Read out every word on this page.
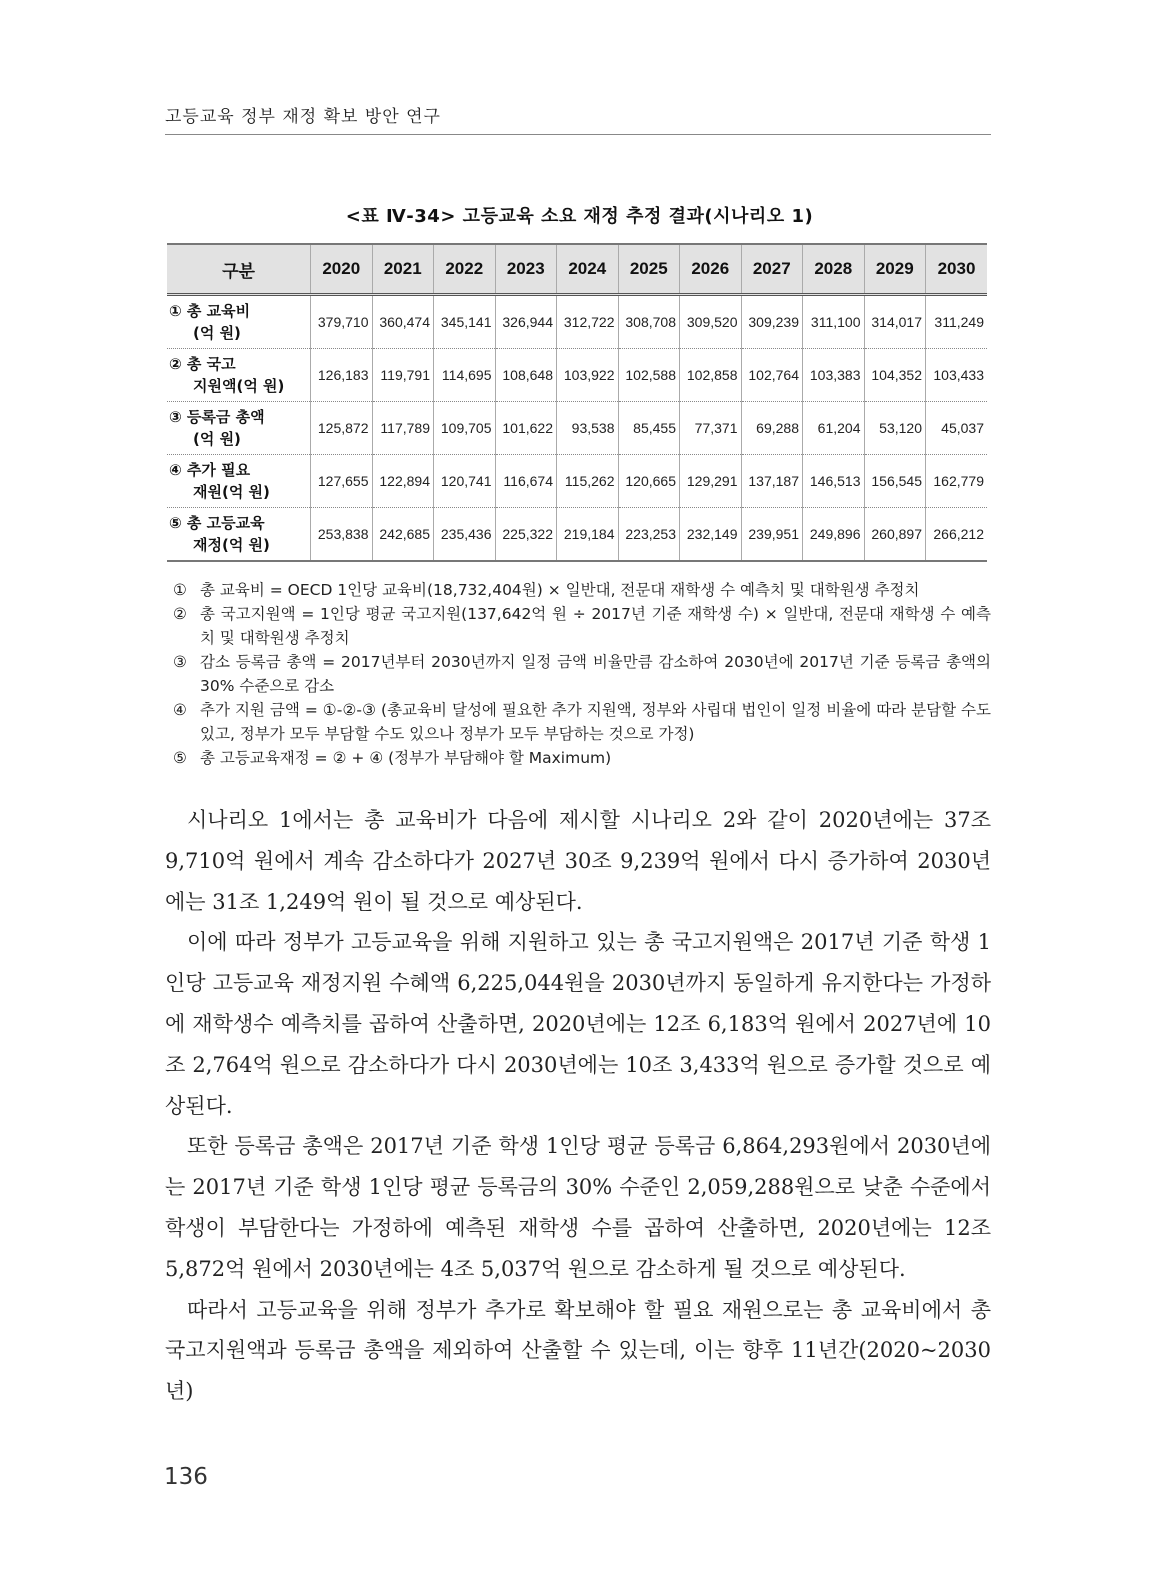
고등교육 정부 재정 확보 방안 연구
<표 Ⅳ-34> 고등교육 소요 재정 추정 결과(시나리오 1)
구분	2020	2021	2022	2023	2024	2025	2026	2027	2028	2029	2030
① 총 교육비
(억 원)	379,710	360,474	345,141	326,944	312,722	308,708	309,520	309,239	311,100	314,017	311,249
② 총 국고
지원액(억 원)	126,183	119,791	114,695	108,648	103,922	102,588	102,858	102,764	103,383	104,352	103,433
③ 등록금 총액
(억 원)	125,872	117,789	109,705	101,622	93,538	85,455	77,371	69,288	61,204	53,120	45,037
④ 추가 필요
재원(억 원)	127,655	122,894	120,741	116,674	115,262	120,665	129,291	137,187	146,513	156,545	162,779
⑤ 총 고등교육
재정(억 원)	253,838	242,685	235,436	225,322	219,184	223,253	232,149	239,951	249,896	260,897	266,212
① 총 교육비 = OECD 1인당 교육비(18,732,404원) × 일반대, 전문대 재학생 수 예측치 및 대학원생 추정치
② 총 국고지원액 = 1인당 평균 국고지원(137,642억 원 ÷ 2017년 기준 재학생 수) × 일반대, 전문대 재학생 수 예측치 및 대학원생 추정치
③ 감소 등록금 총액 = 2017년부터 2030년까지 일정 금액 비율만큼 감소하여 2030년에 2017년 기준 등록금 총액의 30% 수준으로 감소
④ 추가 지원 금액 = ①-②-③ (총교육비 달성에 필요한 추가 지원액, 정부와 사립대 법인이 일정 비율에 따라 분담할 수도 있고, 정부가 모두 부담할 수도 있으나 정부가 모두 부담하는 것으로 가정)
⑤ 총 고등교육재정 = ② + ④ (정부가 부담해야 할 Maximum)

시나리오 1에서는 총 교육비가 다음에 제시할 시나리오 2와 같이 2020년에는 37조 9,710억 원에서 계속 감소하다가 2027년 30조 9,239억 원에서 다시 증가하여 2030년에는 31조 1,249억 원이 될 것으로 예상된다.

이에 따라 정부가 고등교육을 위해 지원하고 있는 총 국고지원액은 2017년 기준 학생 1인당 고등교육 재정지원 수혜액 6,225,044원을 2030년까지 동일하게 유지한다는 가정하에 재학생수 예측치를 곱하여 산출하면, 2020년에는 12조 6,183억 원에서 2027년에 10조 2,764억 원으로 감소하다가 다시 2030년에는 10조 3,433억 원으로 증가할 것으로 예상된다.

또한 등록금 총액은 2017년 기준 학생 1인당 평균 등록금 6,864,293원에서 2030년에는 2017년 기준 학생 1인당 평균 등록금의 30% 수준인 2,059,288원으로 낮춘 수준에서 학생이 부담한다는 가정하에 예측된 재학생 수를 곱하여 산출하면, 2020년에는 12조 5,872억 원에서 2030년에는 4조 5,037억 원으로 감소하게 될 것으로 예상된다.

따라서 고등교육을 위해 정부가 추가로 확보해야 할 필요 재원으로는 총 교육비에서 총 국고지원액과 등록금 총액을 제외하여 산출할 수 있는데, 이는 향후 11년간(2020~2030년)

136
